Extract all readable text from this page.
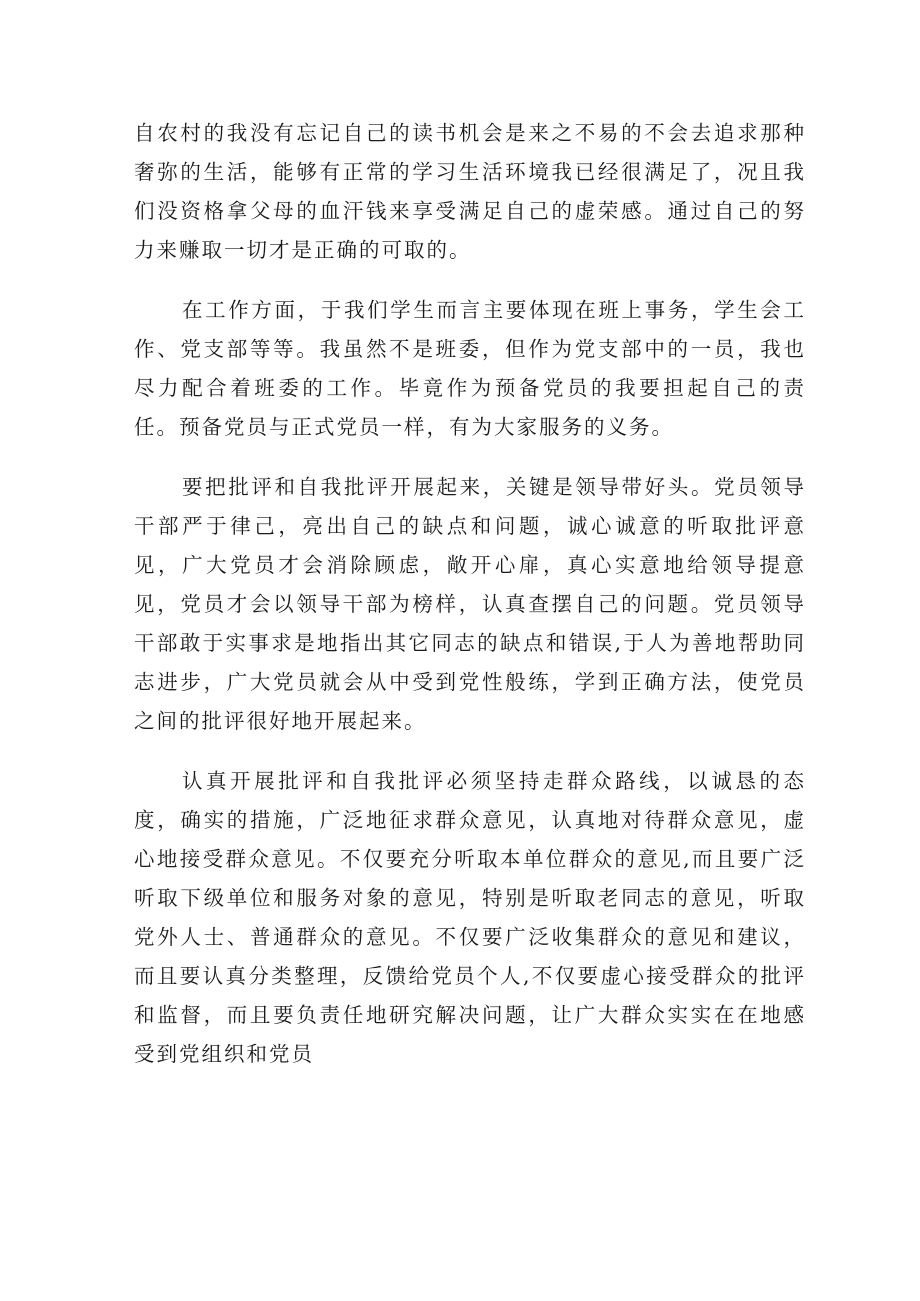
自农村的我没有忘记自己的读书机会是来之不易的不会去追求那种奢弥的生活，能够有正常的学习生活环境我已经很满足了，况且我们没资格拿父母的血汗钱来享受满足自己的虚荣感。通过自己的努力来赚取一切才是正确的可取的。

在工作方面，于我们学生而言主要体现在班上事务，学生会工作、党支部等等。我虽然不是班委，但作为党支部中的一员，我也尽力配合着班委的工作。毕竟作为预备党员的我要担起自己的责任。预备党员与正式党员一样，有为大家服务的义务。

要把批评和自我批评开展起来，关键是领导带好头。党员领导干部严于律己，亮出自己的缺点和问题，诚心诚意的听取批评意见，广大党员才会消除顾虑，敞开心扉，真心实意地给领导提意见，党员才会以领导干部为榜样，认真查摆自己的问题。党员领导干部敢于实事求是地指出其它同志的缺点和错误,于人为善地帮助同志进步，广大党员就会从中受到党性般练，学到正确方法，使党员之间的批评很好地开展起来。

认真开展批评和自我批评必须坚持走群众路线，以诚恳的态度，确实的措施，广泛地征求群众意见，认真地对待群众意见，虚心地接受群众意见。不仅要充分听取本单位群众的意见,而且要广泛听取下级单位和服务对象的意见，特别是听取老同志的意见，听取党外人士、普通群众的意见。不仅要广泛收集群众的意见和建议，而且要认真分类整理，反馈给党员个人,不仅要虚心接受群众的批评和监督，而且要负责任地研究解决问题，让广大群众实实在在地感受到党组织和党员
